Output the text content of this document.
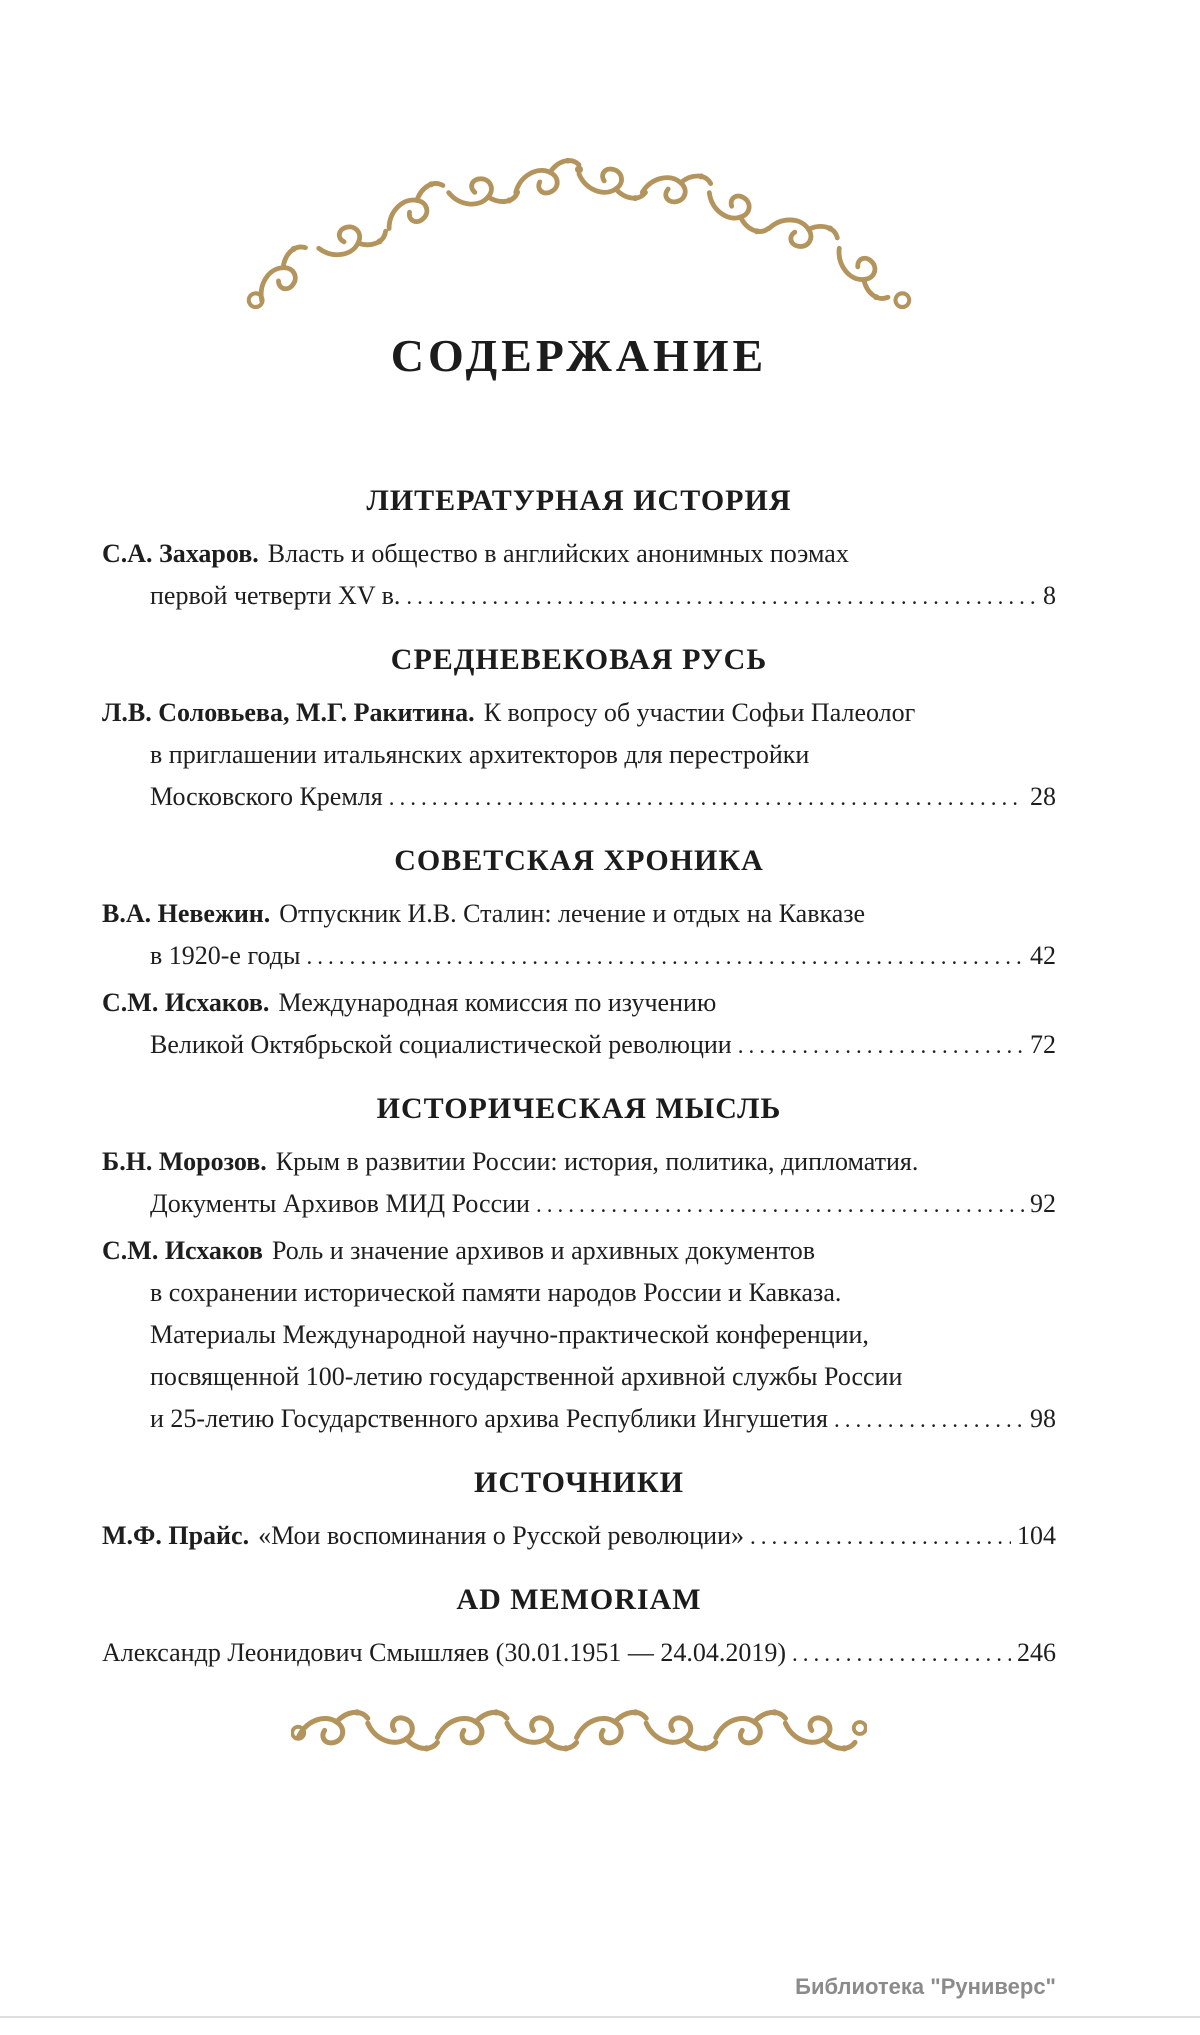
СОДЕРЖАНИЕ
ЛИТЕРАТУРНАЯ ИСТОРИЯ
С.А. Захаров. Власть и общество в английских анонимных поэмах
первой четверти XV в. .....	8
СРЕДНЕВЕКОВАЯ РУСЬ
Л.В. Соловьева, М.Г. Ракитина. К вопросу об участии Софьи Палеолог
в приглашении итальянских архитекторов для перестройки
Московского Кремля .....	28
СОВЕТСКАЯ ХРОНИКА
В.А. Невежин. Отпускник И.В. Сталин: лечение и отдых на Кавказе
в 1920-е годы .....	42
С.М. Исхаков. Международная комиссия по изучению
Великой Октябрьской социалистической революции .....	72
ИСТОРИЧЕСКАЯ МЫСЛЬ
Б.Н. Морозов. Крым в развитии России: история, политика, дипломатия.
Документы Архивов МИД России .....	92
С.М. Исхаков Роль и значение архивов и архивных документов
в сохранении исторической памяти народов России и Кавказа.
Материалы Международной научно-практической конференции,
посвященной 100-летию государственной архивной службы России
и 25-летию Государственного архива Республики Ингушетия .....	98
ИСТОЧНИКИ
М.Ф. Прайс. «Мои воспоминания о Русской революции» .....	104
AD MEMORIAM
Александр Леонидович Смышляев (30.01.1951 — 24.04.2019) .....	246
Библиотека "Руниверс"
